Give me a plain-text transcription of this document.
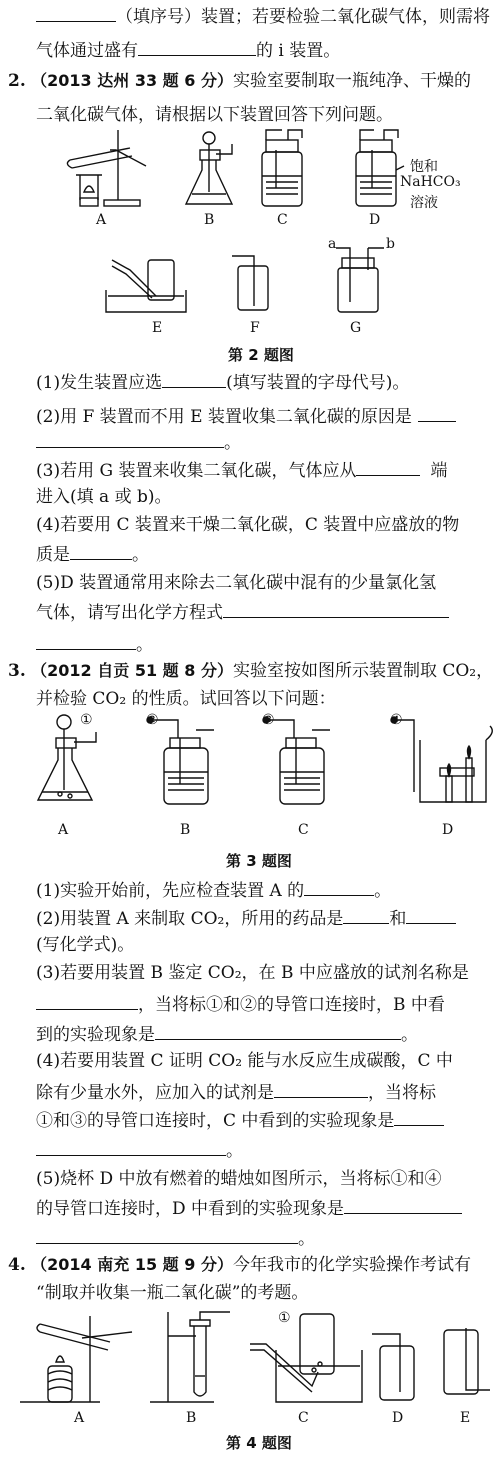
（填序号）装置；若要检验二氧化碳气体，则需将
气体通过盛有	的 i 装置。
2. （2013 达州 33 题 6 分）实验室要制取一瓶纯净、干燥的
二氧化碳气体，请根据以下装置回答下列问题。
A	B	C	D
饱和
NaHCO₃
溶液
a	b
E	F	G
第 2 题图
(1)发生装置应选	(填写装置的字母代号)。
(2)用 F 装置而不用 E 装置收集二氧化碳的原因是
。
(3)若用 G 装置来收集二氧化碳，气体应从	端
进入(填 a 或 b)。
(4)若要用 C 装置来干燥二氧化碳，C 装置中应盛放的物
质是	。
(5)D 装置通常用来除去二氧化碳中混有的少量氯化氢
气体，请写出化学方程式
。
3. （2012 自贡 51 题 8 分）实验室按如图所示装置制取 CO₂，
并检验 CO₂ 的性质。试回答以下问题：
①	②	③	④
A	B	C	D
第 3 题图
(1)实验开始前，先应检查装置 A 的	。
(2)用装置 A 来制取 CO₂，所用的药品是	和
(写化学式)。
(3)若要用装置 B 鉴定 CO₂，在 B 中应盛放的试剂名称是
，当将标①和②的导管口连接时，B 中看
到的实验现象是	。
(4)若要用装置 C 证明 CO₂ 能与水反应生成碳酸，C 中
除有少量水外，应加入的试剂是	，当将标
①和③的导管口连接时，C 中看到的实验现象是
。
(5)烧杯 D 中放有燃着的蜡烛如图所示，当将标①和④
的导管口连接时，D 中看到的实验现象是
。
4. （2014 南充 15 题 9 分）今年我市的化学实验操作考试有
“制取并收集一瓶二氧化碳”的考题。
①
A	B	C	D	E
第 4 题图
